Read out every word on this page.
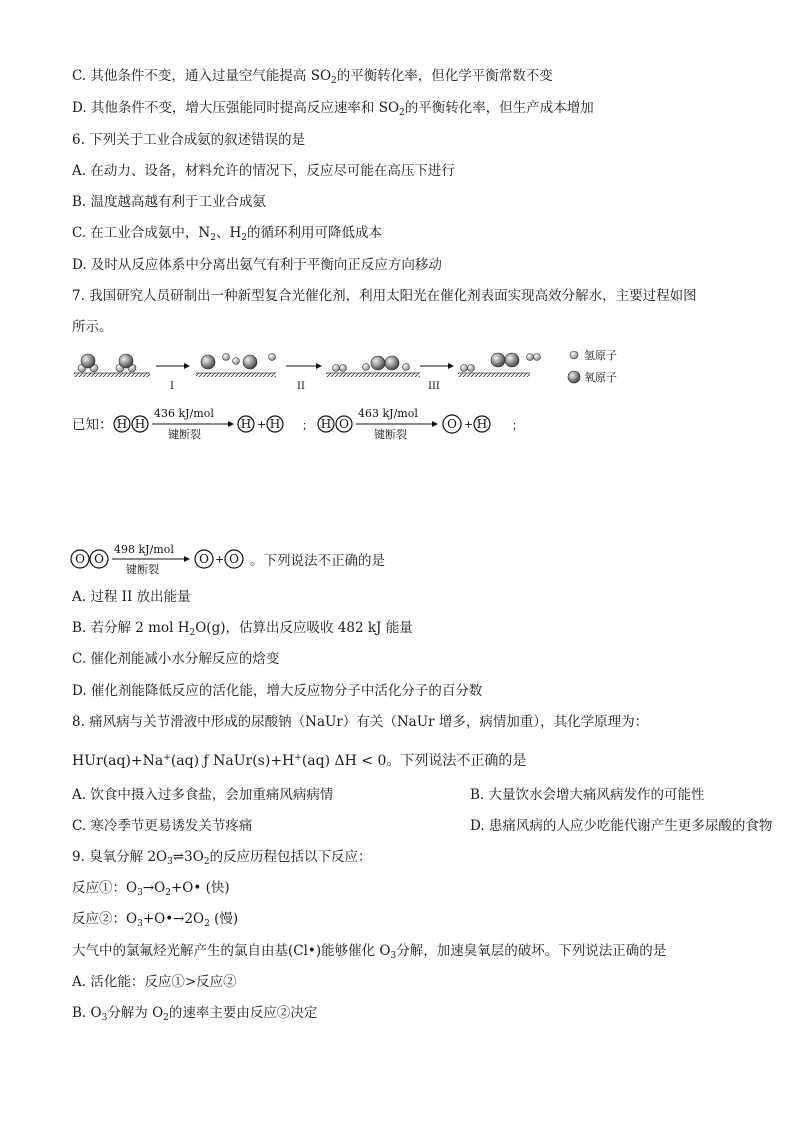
C. 其他条件不变，通入过量空气能提高 $SO_2$的平衡转化率，但化学平衡常数不变
D. 其他条件不变，增大压强能同时提高反应速率和 $SO_2$的平衡转化率，但生产成本增加
6. 下列关于工业合成氨的叙述错误的是
A. 在动力、设备，材料允许的情况下，反应尽可能在高压下进行
B. 温度越高越有利于工业合成氨
C. 在工业合成氨中，$N_2$、$H_2$的循环利用可降低成本
D. 及时从反应体系中分离出氨气有利于平衡向正反应方向移动
7. 我国研究人员研制出一种新型复合光催化剂，利用太阳光在催化剂表面实现高效分解水，主要过程如图
所示。
I	II	III
氢原子
氧原子
已知： H H
436 kJ/mol
键断裂
H + H ； H O
463 kJ/mol
键断裂
O + H ；
O O
498 kJ/mol
键断裂
O + O 。下列说法不正确的是
A. 过程 II 放出能量
B. 若分解 2 mol $H_2O(g)$，估算出反应吸收 482 kJ 能量
C. 催化剂能减小水分解反应的焓变
D. 催化剂能降低反应的活化能，增大反应物分子中活化分子的百分数
8. 痛风病与关节滑液中形成的尿酸钠（NaUr）有关（NaUr 增多，病情加重），其化学原理为：
HUr(aq)+Na+(aq) ƒ NaUr(s)+H+(aq) ΔH < 0。下列说法不正确的是
A. 饮食中摄入过多食盐，会加重痛风病病情	B. 大量饮水会增大痛风病发作的可能性
C. 寒冷季节更易诱发关节疼痛	D. 患痛风病的人应少吃能代谢产生更多尿酸的食物
9. 臭氧分解 $2O_3\rightleftharpoons 3O_2$的反应历程包括以下反应：
反应①：$O_3\to O_2+O•$ (快)
反应②：$O_3+O•\to 2O_2$ (慢)
大气中的氯氟烃光解产生的氯自由基(Cl•)能够催化 $O_3$分解，加速臭氧层的破坏。下列说法正确的是
A. 活化能：反应①>反应②
B. $O_3$分解为 $O_2$的速率主要由反应②决定
